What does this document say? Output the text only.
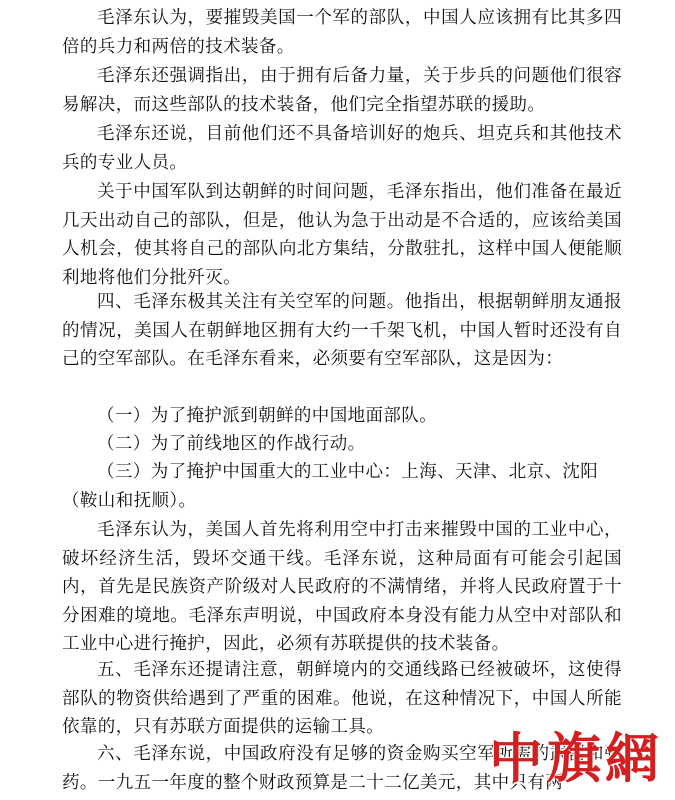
毛泽东认为，要摧毁美国一个军的部队，中国人应该拥有比其多四倍的兵力和两倍的技术装备。

毛泽东还强调指出，由于拥有后备力量，关于步兵的问题他们很容易解决，而这些部队的技术装备，他们完全指望苏联的援助。

毛泽东还说，目前他们还不具备培训好的炮兵、坦克兵和其他技术兵的专业人员。

关于中国军队到达朝鲜的时间问题，毛泽东指出，他们准备在最近几天出动自己的部队，但是，他认为急于出动是不合适的，应该给美国人机会，使其将自己的部队向北方集结，分散驻扎，这样中国人便能顺利地将他们分批歼灭。

四、毛泽东极其关注有关空军的问题。他指出，根据朝鲜朋友通报的情况，美国人在朝鲜地区拥有大约一千架飞机，中国人暂时还没有自己的空军部队。在毛泽东看来，必须要有空军部队，这是因为：

（一）为了掩护派到朝鲜的中国地面部队。

（二）为了前线地区的作战行动。

（三）为了掩护中国重大的工业中心：上海、天津、北京、沈阳（鞍山和抚顺）。

毛泽东认为，美国人首先将利用空中打击来摧毁中国的工业中心，破坏经济生活，毁坏交通干线。毛泽东说，这种局面有可能会引起国内，首先是民族资产阶级对人民政府的不满情绪，并将人民政府置于十分困难的境地。毛泽东声明说，中国政府本身没有能力从空中对部队和工业中心进行掩护，因此，必须有苏联提供的技术装备。

五、毛泽东还提请注意，朝鲜境内的交通线路已经被破坏，这使得部队的物资供给遇到了严重的困难。他说，在这种情况下，中国人所能依靠的，只有苏联方面提供的运输工具。

六、毛泽东说，中国政府没有足够的资金购买空军所需的武器和弹药。一九五一年度的整个财政预算是二十二亿美元，其中只有两

中旗網
